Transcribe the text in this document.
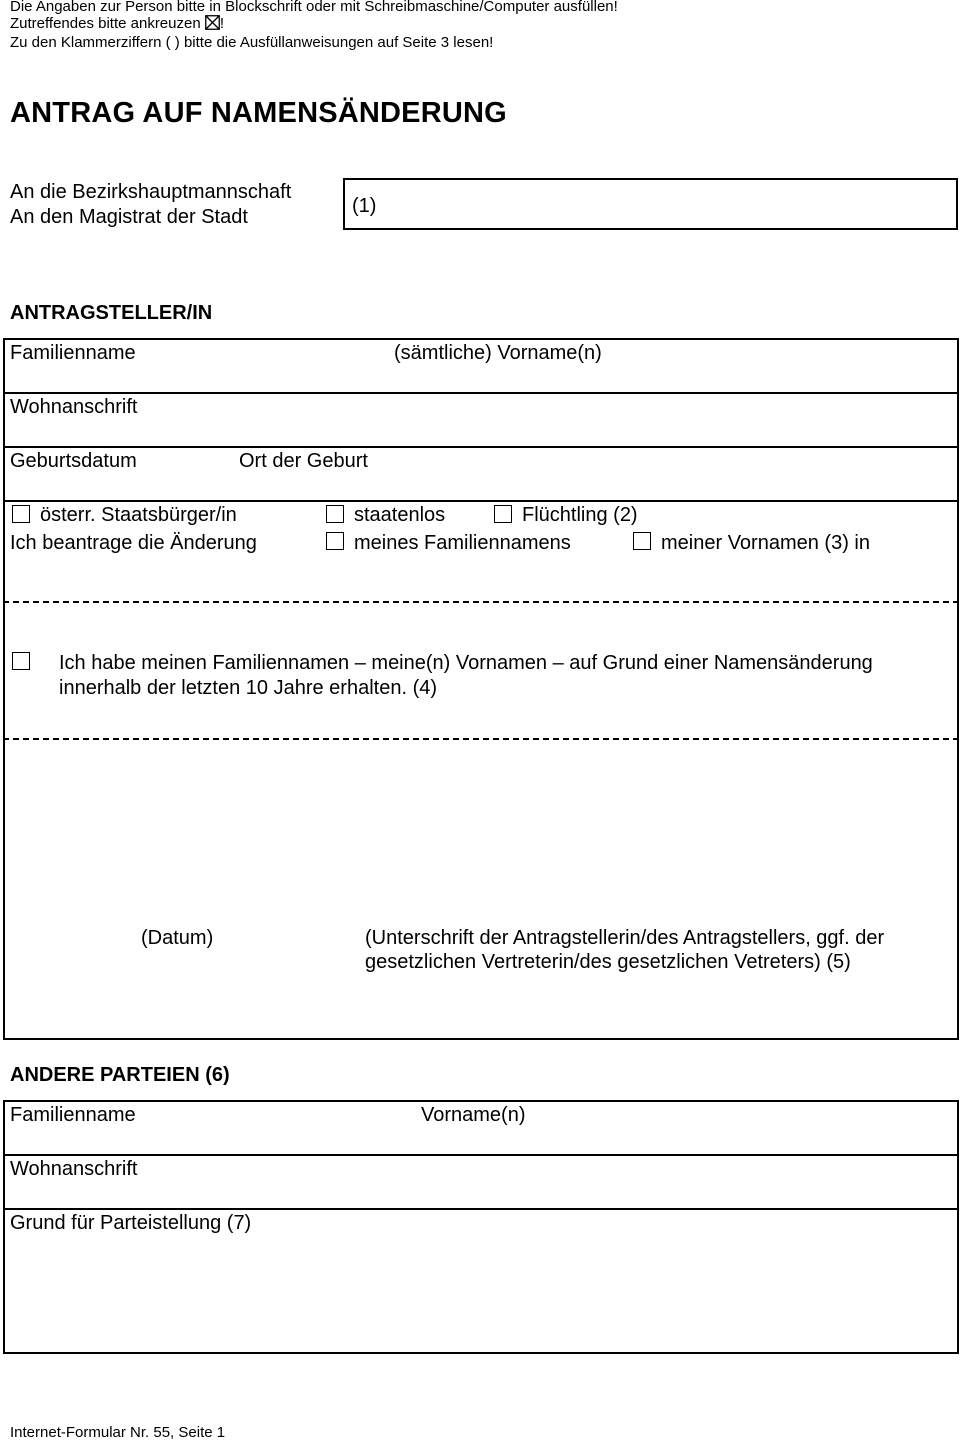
Die Angaben zur Person bitte in Blockschrift oder mit Schreibmaschine/Computer ausfüllen!
Zutreffendes bitte ankreuzen !
Zu den Klammerziffern ( ) bitte die Ausfüllanweisungen auf Seite 3 lesen!
ANTRAG AUF NAMENSÄNDERUNG
An die Bezirkshauptmannschaft
An den Magistrat der Stadt	(1)
ANTRAGSTELLER/IN
Familienname	(sämtliche) Vorname(n)
Wohnanschrift
Geburtsdatum	Ort der Geburt
österr. Staatsbürger/in	staatenlos	Flüchtling (2)
Ich beantrage die Änderung	meines Familiennamens	meiner Vornamen (3) in
Ich habe meinen Familiennamen – meine(n) Vornamen – auf Grund einer Namensänderung
innerhalb der letzten 10 Jahre erhalten. (4)
(Datum)	(Unterschrift der Antragstellerin/des Antragstellers, ggf. der
gesetzlichen Vertreterin/des gesetzlichen Vetreters) (5)
ANDERE PARTEIEN (6)
Familienname	Vorname(n)
Wohnanschrift
Grund für Parteistellung (7)
Internet-Formular Nr. 55, Seite 1
